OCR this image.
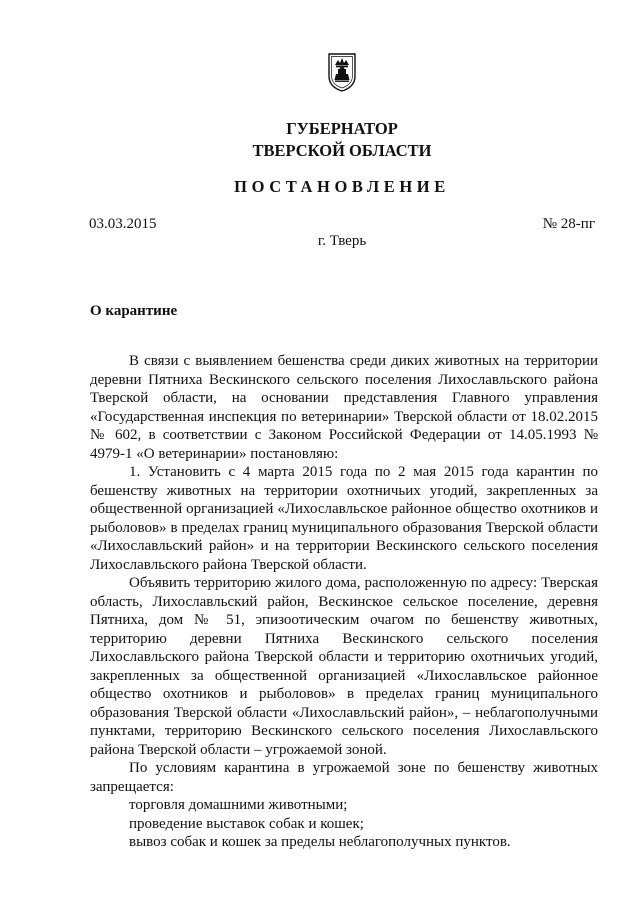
ГУБЕРНАТОР
ТВЕРСКОЙ ОБЛАСТИ
ПОСТАНОВЛЕНИЕ
03.03.2015	№ 28-пг
г. Тверь
О карантине

В связи с выявлением бешенства среди диких животных на территории деревни Пятниха Вескинского сельского поселения Лихославльского района Тверской области, на основании представления Главного управления «Государственная инспекция по ветеринарии» Тверской области от 18.02.2015 № 602, в соответствии с Законом Российской Федерации от 14.05.1993 № 4979-1 «О ветеринарии» постановляю:

1. Установить с 4 марта 2015 года по 2 мая 2015 года карантин по бешенству животных на территории охотничьих угодий, закрепленных за общественной организацией «Лихославльское районное общество охотников и рыболовов» в пределах границ муниципального образования Тверской области «Лихославльский район» и на территории Вескинского сельского поселения Лихославльского района Тверской области.

Объявить территорию жилого дома, расположенную по адресу: Тверская область, Лихославльский район, Вескинское сельское поселение, деревня Пятниха, дом № 51, эпизоотическим очагом по бешенству животных, территорию деревни Пятниха Вескинского сельского поселения Лихославльского района Тверской области и территорию охотничьих угодий, закрепленных за общественной организацией «Лихославльское районное общество охотников и рыболовов» в пределах границ муниципального образования Тверской области «Лихославльский район», – неблагополучными пунктами, территорию Вескинского сельского поселения Лихославльского района Тверской области – угрожаемой зоной.

По условиям карантина в угрожаемой зоне по бешенству животных запрещается:

торговля домашними животными;

проведение выставок собак и кошек;

вывоз собак и кошек за пределы неблагополучных пунктов.
